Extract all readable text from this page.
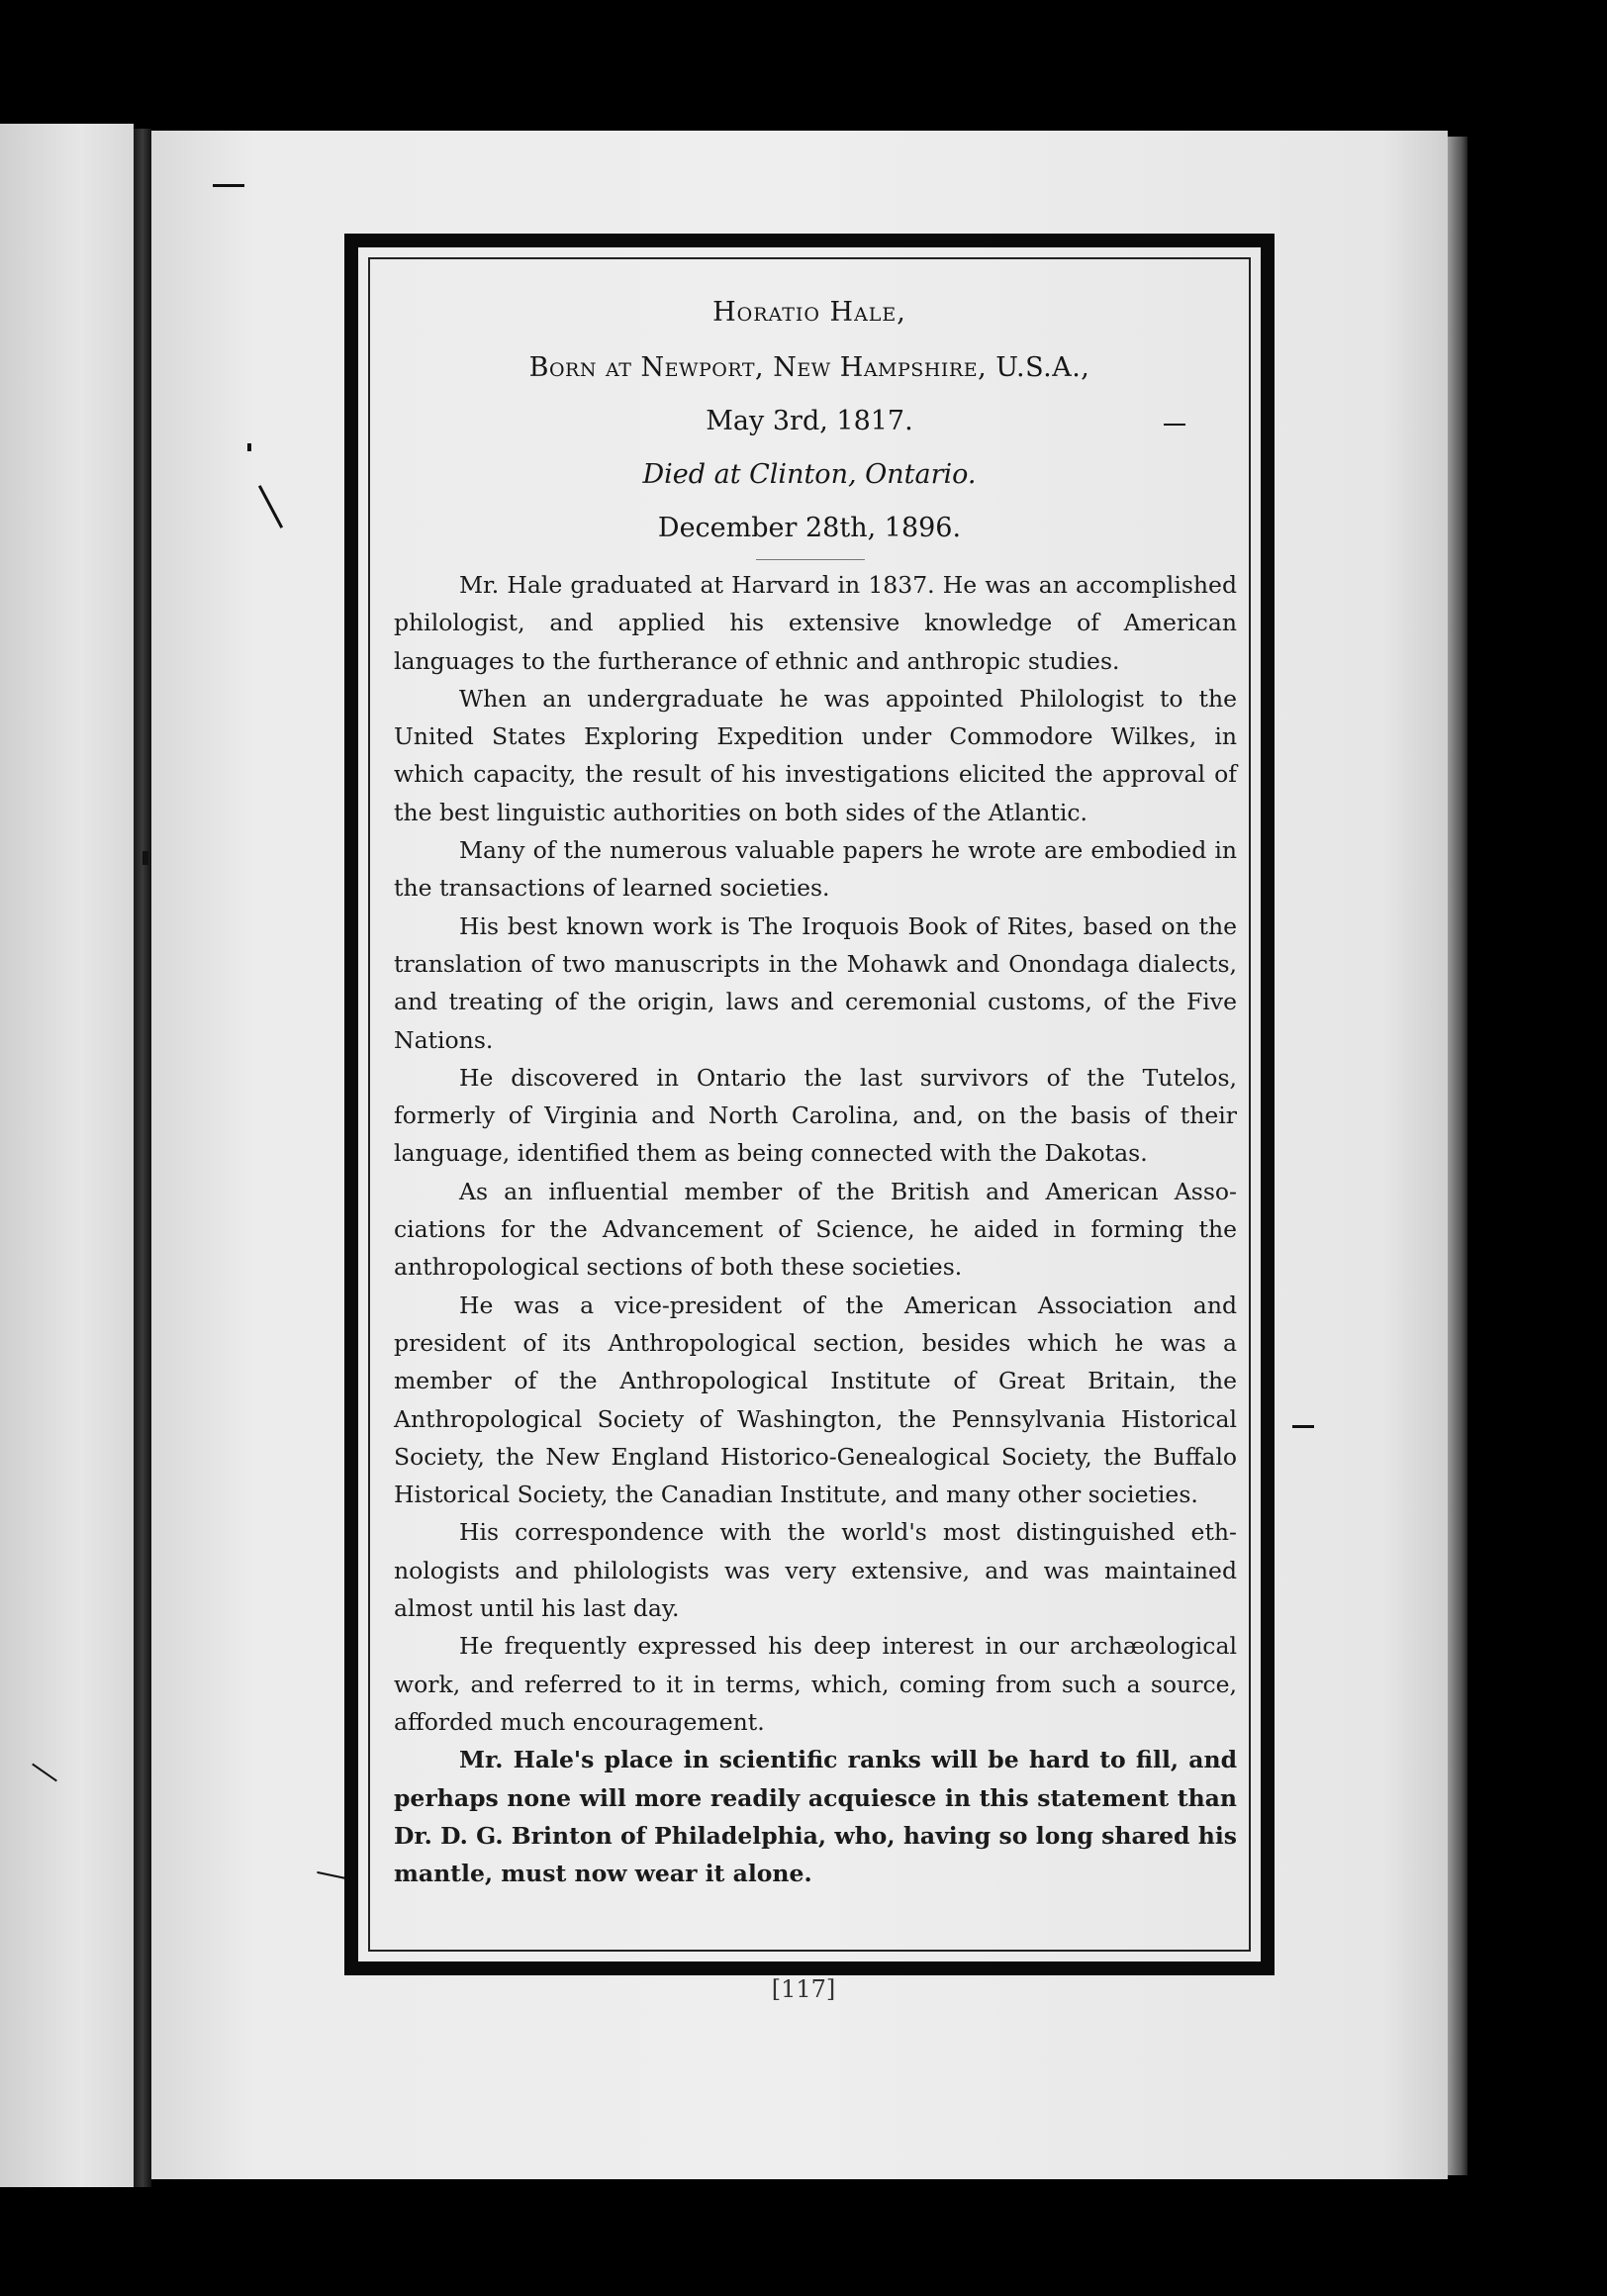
Horatio Hale,
Born at Newport, New Hampshire, U.S.A.,
May 3rd, 1817.
Died at Clinton, Ontario.
December 28th, 1896.

Mr. Hale graduated at Harvard in 1837. He was an accomplished philologist, and applied his extensive knowledge of American languages to the furtherance of ethnic and anthropic studies.

When an undergraduate he was appointed Philologist to the United States Exploring Expedition under Commodore Wilkes, in which capacity, the result of his investigations elicited the approval of the best linguistic authorities on both sides of the Atlantic.

Many of the numerous valuable papers he wrote are embodied in the transactions of learned societies.

His best known work is The Iroquois Book of Rites, based on the translation of two manuscripts in the Mohawk and Onondaga dialects, and treating of the origin, laws and ceremonial customs, of the Five Nations.

He discovered in Ontario the last survivors of the Tutelos, formerly of Virginia and North Carolina, and, on the basis of their language, identified them as being connected with the Dakotas.

As an influential member of the British and American Associations for the Advancement of Science, he aided in forming the anthropological sections of both these societies.

He was a vice-president of the American Association and president of its Anthropological section, besides which he was a member of the Anthropological Institute of Great Britain, the Anthropological Society of Washington, the Pennsylvania Historical Society, the New England Historico-Genealogical Society, the Buffalo Historical Society, the Canadian Institute, and many other societies.

His correspondence with the world's most distinguished ethnologists and philologists was very extensive, and was maintained almost until his last day.

He frequently expressed his deep interest in our archæological work, and referred to it in terms, which, coming from such a source, afforded much encouragement.

Mr. Hale's place in scientific ranks will be hard to fill, and perhaps none will more readily acquiesce in this statement than Dr. D. G. Brinton of Philadelphia, who, having so long shared his mantle, must now wear it alone.

[117]
